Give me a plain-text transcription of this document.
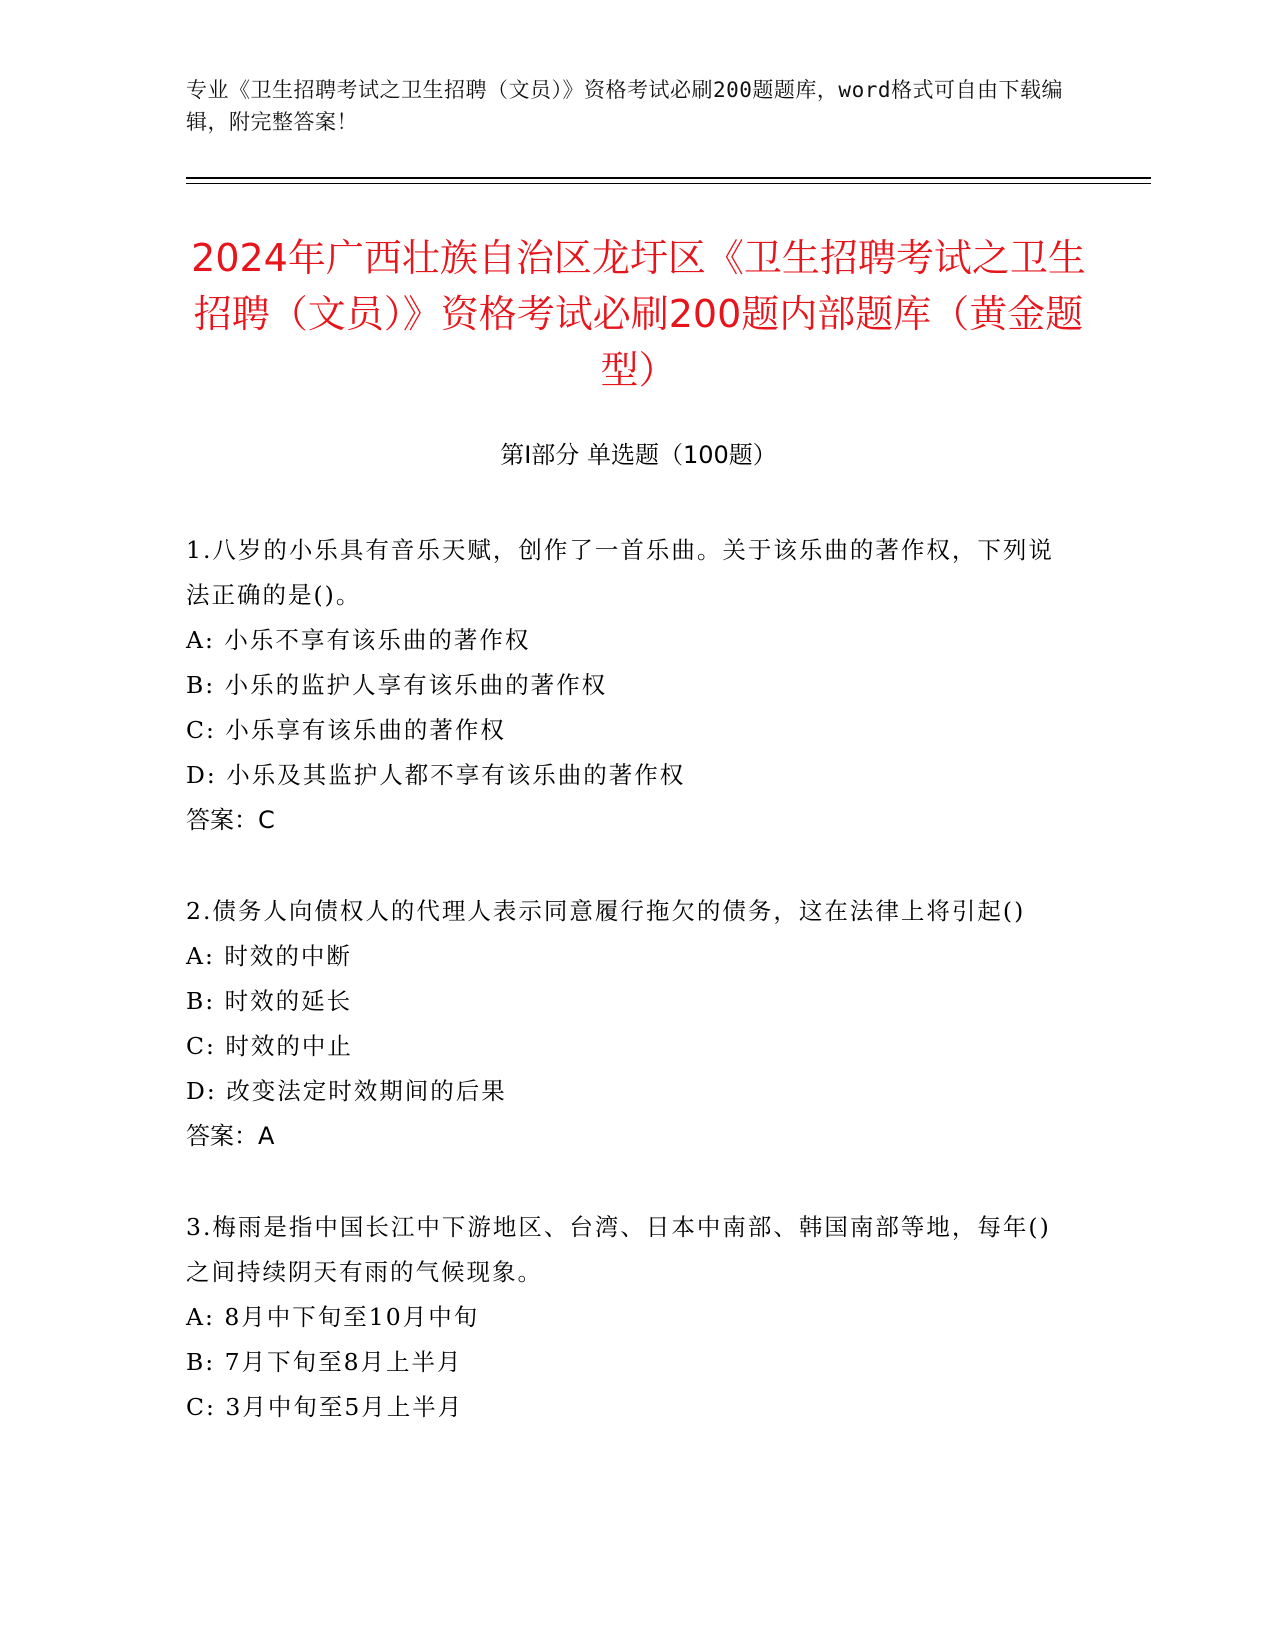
专业《卫生招聘考试之卫生招聘（文员）》资格考试必刷200题题库，word格式可自由下载编辑，附完整答案！
2024年广西壮族自治区龙圩区《卫生招聘考试之卫生招聘（文员）》资格考试必刷200题内部题库（黄金题型）
第Ⅰ部分 单选题（100题）
1.八岁的小乐具有音乐天赋，创作了一首乐曲。关于该乐曲的著作权，下列说法正确的是()。
A: 小乐不享有该乐曲的著作权
B: 小乐的监护人享有该乐曲的著作权
C: 小乐享有该乐曲的著作权
D: 小乐及其监护人都不享有该乐曲的著作权
答案：C
2.债务人向债权人的代理人表示同意履行拖欠的债务，这在法律上将引起()
A: 时效的中断
B: 时效的延长
C: 时效的中止
D: 改变法定时效期间的后果
答案：A
3.梅雨是指中国长江中下游地区、台湾、日本中南部、韩国南部等地，每年()之间持续阴天有雨的气候现象。
A: 8月中下旬至10月中旬
B: 7月下旬至8月上半月
C: 3月中旬至5月上半月
